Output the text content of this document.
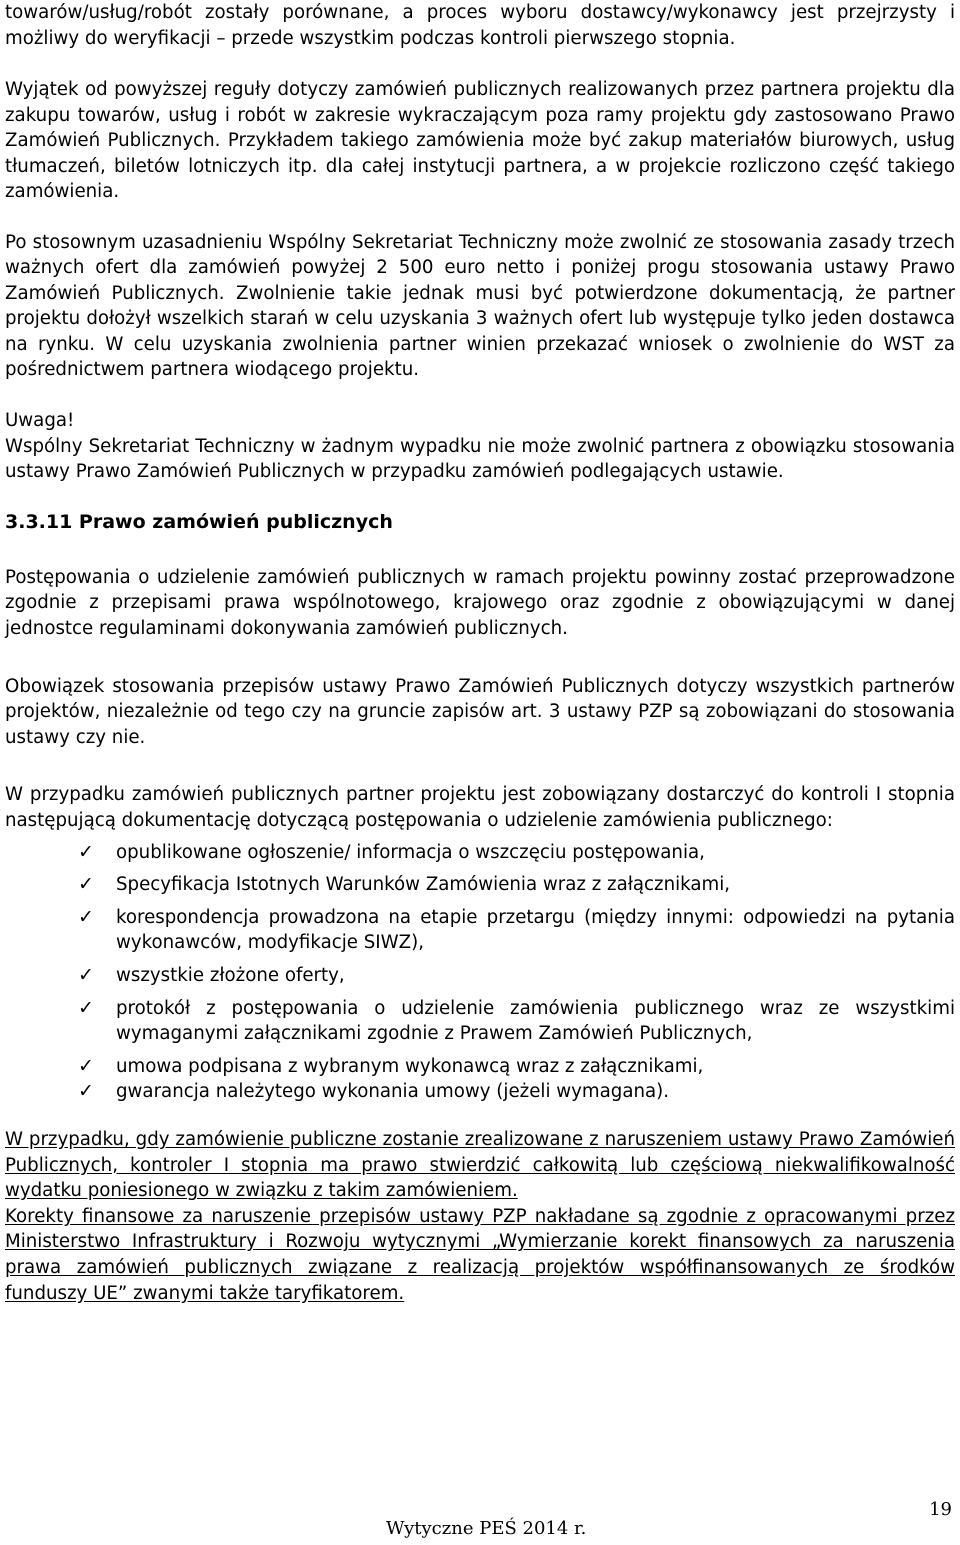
towarów/usług/robót zostały porównane, a proces wyboru dostawcy/wykonawcy jest przejrzysty i możliwy do weryfikacji – przede wszystkim podczas kontroli pierwszego stopnia.

Wyjątek od powyższej reguły dotyczy zamówień publicznych realizowanych przez partnera projektu dla zakupu towarów, usług i robót w zakresie wykraczającym poza ramy projektu gdy zastosowano Prawo Zamówień Publicznych. Przykładem takiego zamówienia może być zakup materiałów biurowych, usług tłumaczeń, biletów lotniczych itp. dla całej instytucji partnera, a w projekcie rozliczono część takiego zamówienia.

Po stosownym uzasadnieniu Wspólny Sekretariat Techniczny może zwolnić ze stosowania zasady trzech ważnych ofert dla zamówień powyżej 2 500 euro netto i poniżej progu stosowania ustawy Prawo Zamówień Publicznych. Zwolnienie takie jednak musi być potwierdzone dokumentacją, że partner projektu dołożył wszelkich starań w celu uzyskania 3 ważnych ofert lub występuje tylko jeden dostawca na rynku. W celu uzyskania zwolnienia partner winien przekazać wniosek o zwolnienie do WST za pośrednictwem partnera wiodącego projektu.

Uwaga!

Wspólny Sekretariat Techniczny w żadnym wypadku nie może zwolnić partnera z obowiązku stosowania ustawy Prawo Zamówień Publicznych w przypadku zamówień podlegających ustawie.

3.3.11 Prawo zamówień publicznych

Postępowania o udzielenie zamówień publicznych w ramach projektu powinny zostać przeprowadzone zgodnie z przepisami prawa wspólnotowego, krajowego oraz zgodnie z obowiązującymi w danej jednostce regulaminami dokonywania zamówień publicznych.

Obowiązek stosowania przepisów ustawy Prawo Zamówień Publicznych dotyczy wszystkich partnerów projektów, niezależnie od tego czy na gruncie zapisów art. 3 ustawy PZP są zobowiązani do stosowania ustawy czy nie.

W przypadku zamówień publicznych partner projektu jest zobowiązany dostarczyć do kontroli I stopnia następującą dokumentację dotyczącą postępowania o udzielenie zamówienia publicznego:

✓ opublikowane ogłoszenie/ informacja o wszczęciu postępowania,
✓ Specyfikacja Istotnych Warunków Zamówienia wraz z załącznikami,
✓ korespondencja prowadzona na etapie przetargu (między innymi: odpowiedzi na pytania wykonawców, modyfikacje SIWZ),
✓ wszystkie złożone oferty,
✓ protokół z postępowania o udzielenie zamówienia publicznego wraz ze wszystkimi wymaganymi załącznikami zgodnie z Prawem Zamówień Publicznych,
✓ umowa podpisana z wybranym wykonawcą wraz z załącznikami,
✓ gwarancja należytego wykonania umowy (jeżeli wymagana).

W przypadku, gdy zamówienie publiczne zostanie zrealizowane z naruszeniem ustawy Prawo Zamówień Publicznych, kontroler I stopnia ma prawo stwierdzić całkowitą lub częściową niekwalifikowalność wydatku poniesionego w związku z takim zamówieniem.

Korekty finansowe za naruszenie przepisów ustawy PZP nakładane są zgodnie z opracowanymi przez Ministerstwo Infrastruktury i Rozwoju wytycznymi „Wymierzanie korekt finansowych za naruszenia prawa zamówień publicznych związane z realizacją projektów współfinansowanych ze środków funduszy UE” zwanymi także taryfikatorem.

19
Wytyczne PEŚ 2014 r.
